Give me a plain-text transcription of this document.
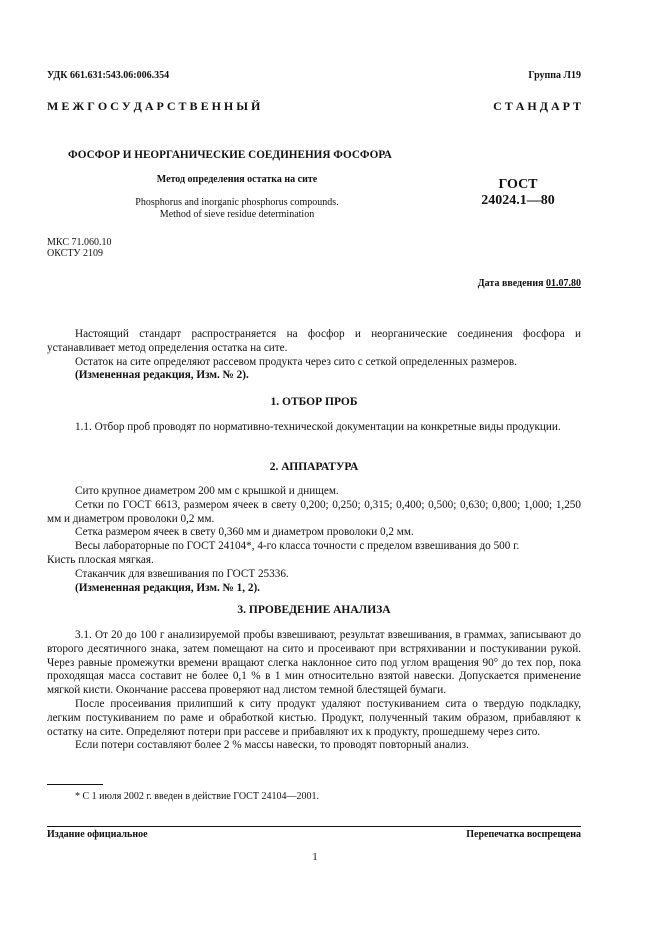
УДК 661.631:543.06:006.354	Группа Л19
М Е Ж Г О С У Д А Р С Т В Е Н Н Ы Й	С Т А Н Д А Р Т
ФОСФОР И НЕОРГАНИЧЕСКИЕ СОЕДИНЕНИЯ ФОСФОРА
Метод определения остатка на сите
Phosphorus and inorganic phosphorus compounds.
Method of sieve residue determination
ГОСТ
24024.1—80
МКС 71.060.10
ОКСТУ 2109
Дата введения 01.07.80

Настоящий стандарт распространяется на фосфор и неорганические соединения фосфора и устанавливает метод определения остатка на сите.

Остаток на сите определяют рассевом продукта через сито с сеткой определенных размеров.

(Измененная редакция, Изм. № 2).

1. ОТБОР ПРОБ

1.1. Отбор проб проводят по нормативно-технической документации на конкретные виды продукции.

2. АППАРАТУРА

Сито крупное диаметром 200 мм с крышкой и днищем.

Сетки по ГОСТ 6613, размером ячеек в свету 0,200; 0,250; 0,315; 0,400; 0,500; 0,630; 0,800; 1,000; 1,250 мм и диаметром проволоки 0,2 мм.

Сетка размером ячеек в свету 0,360 мм и диаметром проволоки 0,2 мм.

Весы лабораторные по ГОСТ 24104*, 4-го класса точности с пределом взвешивания до 500 г.

Кисть плоская мягкая.

Стаканчик для взвешивания по ГОСТ 25336.

(Измененная редакция, Изм. № 1, 2).

3. ПРОВЕДЕНИЕ АНАЛИЗА

3.1. От 20 до 100 г анализируемой пробы взвешивают, результат взвешивания, в граммах, записывают до второго десятичного знака, затем помещают на сито и просеивают при встряхивании и постукивании рукой. Через равные промежутки времени вращают слегка наклонное сито под углом вращения 90° до тех пор, пока проходящая масса составит не более 0,1 % в 1 мин относительно взятой навески. Допускается применение мягкой кисти. Окончание рассева проверяют над листом темной блестящей бумаги.

После просеивания прилипший к ситу продукт удаляют постукиванием сита о твердую подкладку, легким постукиванием по раме и обработкой кистью. Продукт, полученный таким образом, прибавляют к остатку на сите. Определяют потери при рассеве и прибавляют их к продукту, прошедшему через сито.

Если потери составляют более 2 % массы навески, то проводят повторный анализ.

* С 1 июля 2002 г. введен в действие ГОСТ 24104—2001.
Издание официальное	Перепечатка воспрещена
1
